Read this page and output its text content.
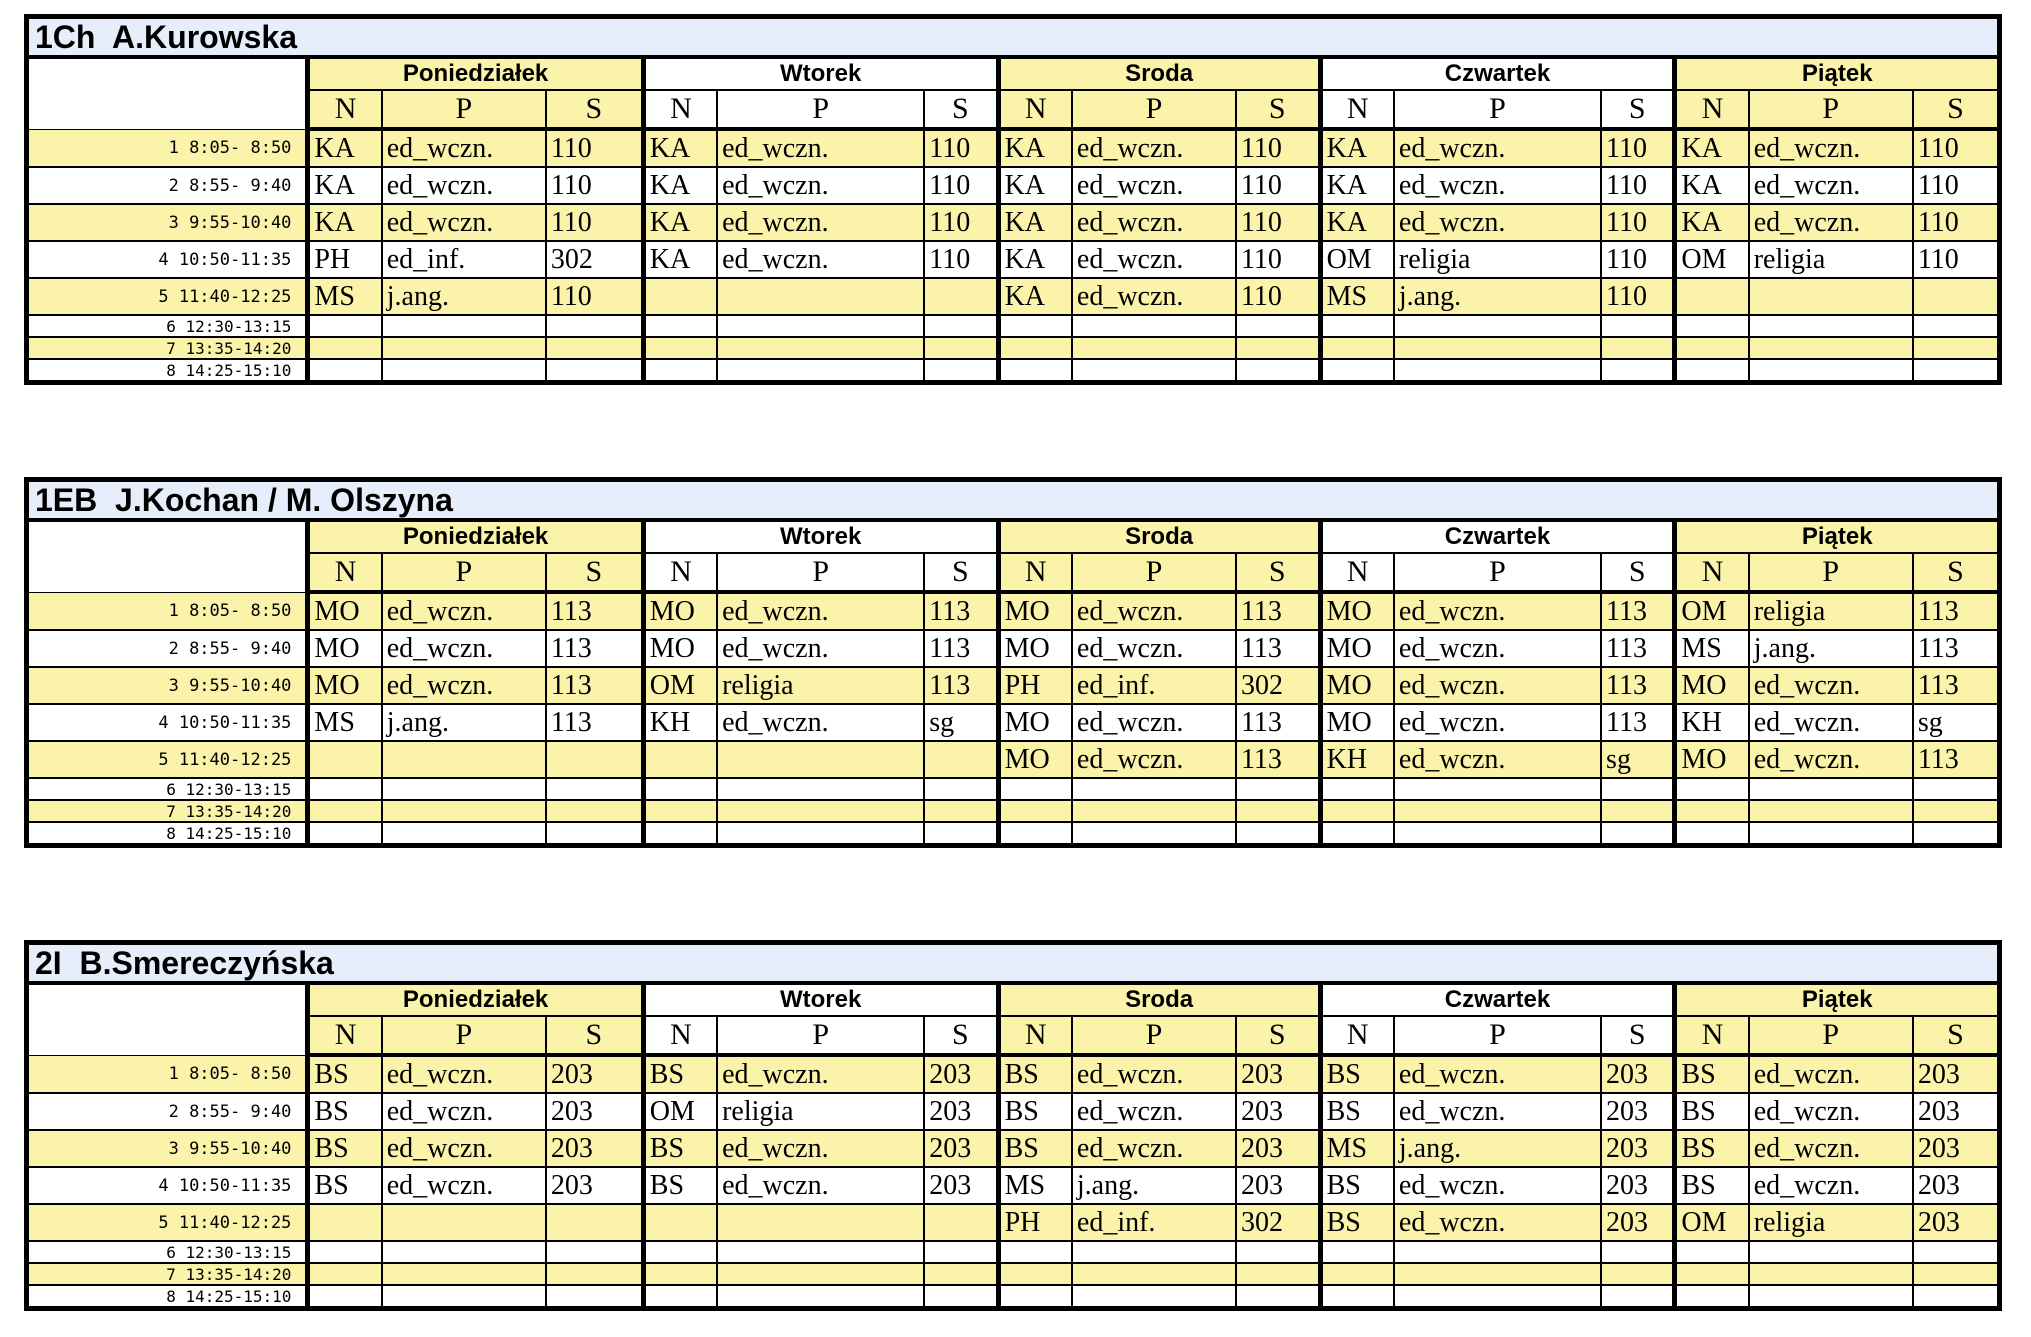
1Ch  A.Kurowska
	Poniedziałek			Wtorek			Sroda			Czwartek			Piątek		
	N	P	S	N	P	S	N	P	S	N	P	S	N	P	S
1 8:05- 8:50	KA	ed_wczn.	110	KA	ed_wczn.	110	KA	ed_wczn.	110	KA	ed_wczn.	110	KA	ed_wczn.	110
2 8:55- 9:40	KA	ed_wczn.	110	KA	ed_wczn.	110	KA	ed_wczn.	110	KA	ed_wczn.	110	KA	ed_wczn.	110
3 9:55-10:40	KA	ed_wczn.	110	KA	ed_wczn.	110	KA	ed_wczn.	110	KA	ed_wczn.	110	KA	ed_wczn.	110
4 10:50-11:35	PH	ed_inf.	302	KA	ed_wczn.	110	KA	ed_wczn.	110	OM	religia	110	OM	religia	110
5 11:40-12:25	MS	j.ang.	110				KA	ed_wczn.	110	MS	j.ang.	110			
6 12:30-13:15															
7 13:35-14:20															
8 14:25-15:10															
1EB  J.Kochan / M. Olszyna
	Poniedziałek			Wtorek			Sroda			Czwartek			Piątek		
	N	P	S	N	P	S	N	P	S	N	P	S	N	P	S
1 8:05- 8:50	MO	ed_wczn.	113	MO	ed_wczn.	113	MO	ed_wczn.	113	MO	ed_wczn.	113	OM	religia	113
2 8:55- 9:40	MO	ed_wczn.	113	MO	ed_wczn.	113	MO	ed_wczn.	113	MO	ed_wczn.	113	MS	j.ang.	113
3 9:55-10:40	MO	ed_wczn.	113	OM	religia	113	PH	ed_inf.	302	MO	ed_wczn.	113	MO	ed_wczn.	113
4 10:50-11:35	MS	j.ang.	113	KH	ed_wczn.	sg	MO	ed_wczn.	113	MO	ed_wczn.	113	KH	ed_wczn.	sg
5 11:40-12:25							MO	ed_wczn.	113	KH	ed_wczn.	sg	MO	ed_wczn.	113
6 12:30-13:15															
7 13:35-14:20															
8 14:25-15:10															
2I  B.Smereczyńska
	Poniedziałek			Wtorek			Sroda			Czwartek			Piątek		
	N	P	S	N	P	S	N	P	S	N	P	S	N	P	S
1 8:05- 8:50	BS	ed_wczn.	203	BS	ed_wczn.	203	BS	ed_wczn.	203	BS	ed_wczn.	203	BS	ed_wczn.	203
2 8:55- 9:40	BS	ed_wczn.	203	OM	religia	203	BS	ed_wczn.	203	BS	ed_wczn.	203	BS	ed_wczn.	203
3 9:55-10:40	BS	ed_wczn.	203	BS	ed_wczn.	203	BS	ed_wczn.	203	MS	j.ang.	203	BS	ed_wczn.	203
4 10:50-11:35	BS	ed_wczn.	203	BS	ed_wczn.	203	MS	j.ang.	203	BS	ed_wczn.	203	BS	ed_wczn.	203
5 11:40-12:25							PH	ed_inf.	302	BS	ed_wczn.	203	OM	religia	203
6 12:30-13:15															
7 13:35-14:20															
8 14:25-15:10															
